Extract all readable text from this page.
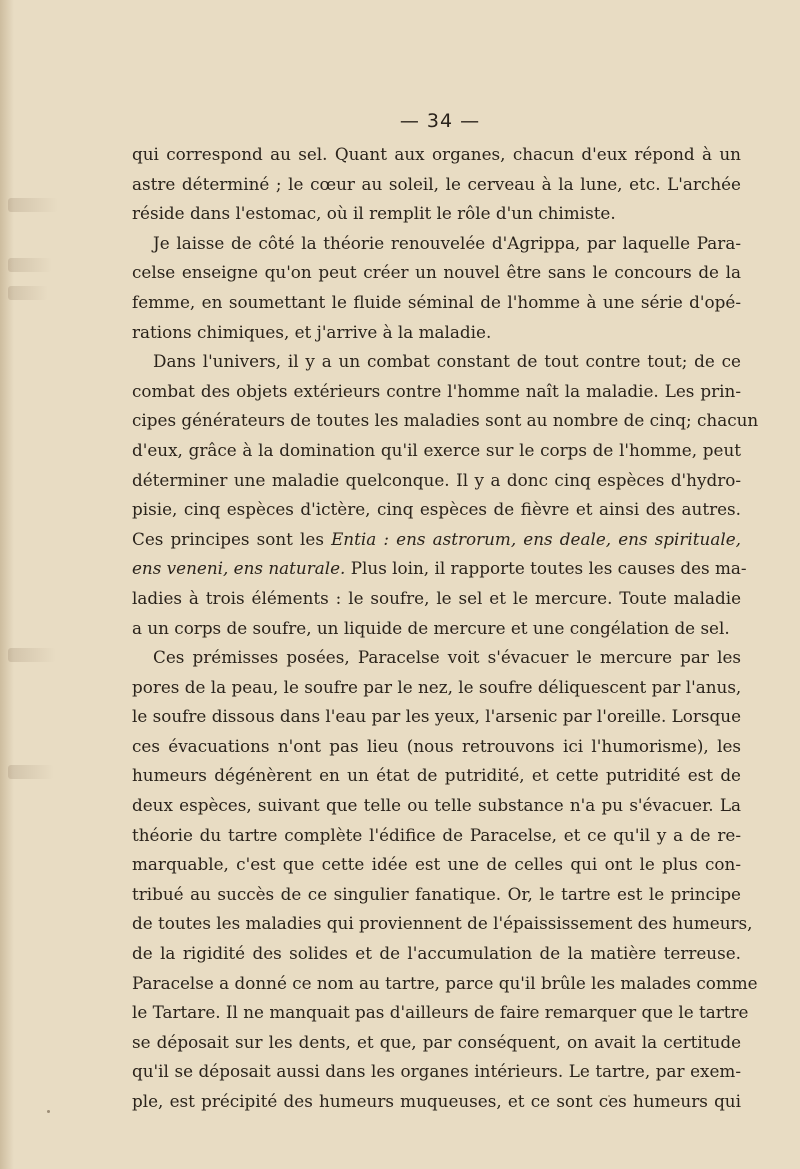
— 34 —
qui correspond au sel. Quant aux organes, chacun d'eux répond à un
astre déterminé ; le cœur au soleil, le cerveau à la lune, etc. L'archée
réside dans l'estomac, où il remplit le rôle d'un chimiste.
Je laisse de côté la théorie renouvelée d'Agrippa, par laquelle Para-
celse enseigne qu'on peut créer un nouvel être sans le concours de la
femme, en soumettant le fluide séminal de l'homme à une série d'opé-
rations chimiques, et j'arrive à la maladie.
Dans l'univers, il y a un combat constant de tout contre tout; de ce
combat des objets extérieurs contre l'homme naît la maladie. Les prin-
cipes générateurs de toutes les maladies sont au nombre de cinq; chacun
d'eux, grâce à la domination qu'il exerce sur le corps de l'homme, peut
déterminer une maladie quelconque. Il y a donc cinq espèces d'hydro-
pisie, cinq espèces d'ictère, cinq espèces de fièvre et ainsi des autres.
Ces principes sont les Entia : ens astrorum, ens deale, ens spirituale,
ens veneni, ens naturale. Plus loin, il rapporte toutes les causes des ma-
ladies à trois éléments : le soufre, le sel et le mercure. Toute maladie
a un corps de soufre, un liquide de mercure et une congélation de sel.
Ces prémisses posées, Paracelse voit s'évacuer le mercure par les
pores de la peau, le soufre par le nez, le soufre déliquescent par l'anus,
le soufre dissous dans l'eau par les yeux, l'arsenic par l'oreille. Lorsque
ces évacuations n'ont pas lieu (nous retrouvons ici l'humorisme), les
humeurs dégénèrent en un état de putridité, et cette putridité est de
deux espèces, suivant que telle ou telle substance n'a pu s'évacuer. La
théorie du tartre complète l'édifice de Paracelse, et ce qu'il y a de re-
marquable, c'est que cette idée est une de celles qui ont le plus con-
tribué au succès de ce singulier fanatique. Or, le tartre est le principe
de toutes les maladies qui proviennent de l'épaississement des humeurs,
de la rigidité des solides et de l'accumulation de la matière terreuse.
Paracelse a donné ce nom au tartre, parce qu'il brûle les malades comme
le Tartare. Il ne manquait pas d'ailleurs de faire remarquer que le tartre
se déposait sur les dents, et que, par conséquent, on avait la certitude
qu'il se déposait aussi dans les organes intérieurs. Le tartre, par exem-
ple, est précipité des humeurs muqueuses, et ce sont ces humeurs qui
